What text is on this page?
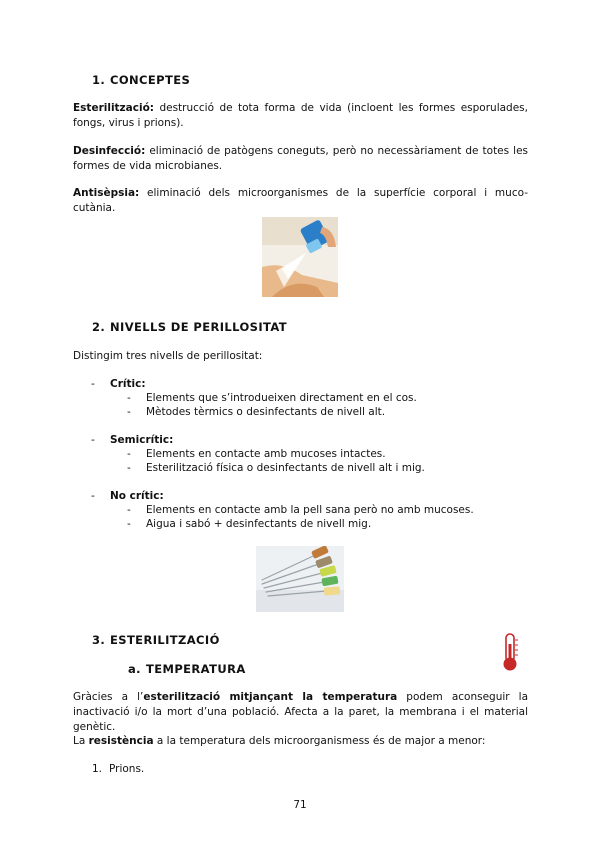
1. CONCEPTES
Esterilització: destrucció de tota forma de vida (incloent les formes esporulades, fongs, virus i prions).
Desinfecció: eliminació de patògens coneguts, però no necessàriament de totes les formes de vida microbianes.
Antisèpsia: eliminació dels microorganismes de la superfície corporal i muco-cutània.
2. NIVELLS DE PERILLOSITAT
Distingim tres nivells de perillositat:
- Crític:
- Elements que s’introdueixen directament en el cos.
- Mètodes tèrmics o desinfectants de nivell alt.
- Semicrític:
- Elements en contacte amb mucoses intactes.
- Esterilització física o desinfectants de nivell alt i mig.
- No crític:
- Elements en contacte amb la pell sana però no amb mucoses.
- Aigua i sabó + desinfectants de nivell mig.
3. ESTERILITZACIÓ
a. TEMPERATURA
Gràcies a l’esterilització mitjançant la temperatura podem aconseguir la inactivació i/o la mort d’una població. Afecta a la paret, la membrana i el material genètic.
La resistència a la temperatura dels microorganismess és de major a menor:
1. Prions.
71
